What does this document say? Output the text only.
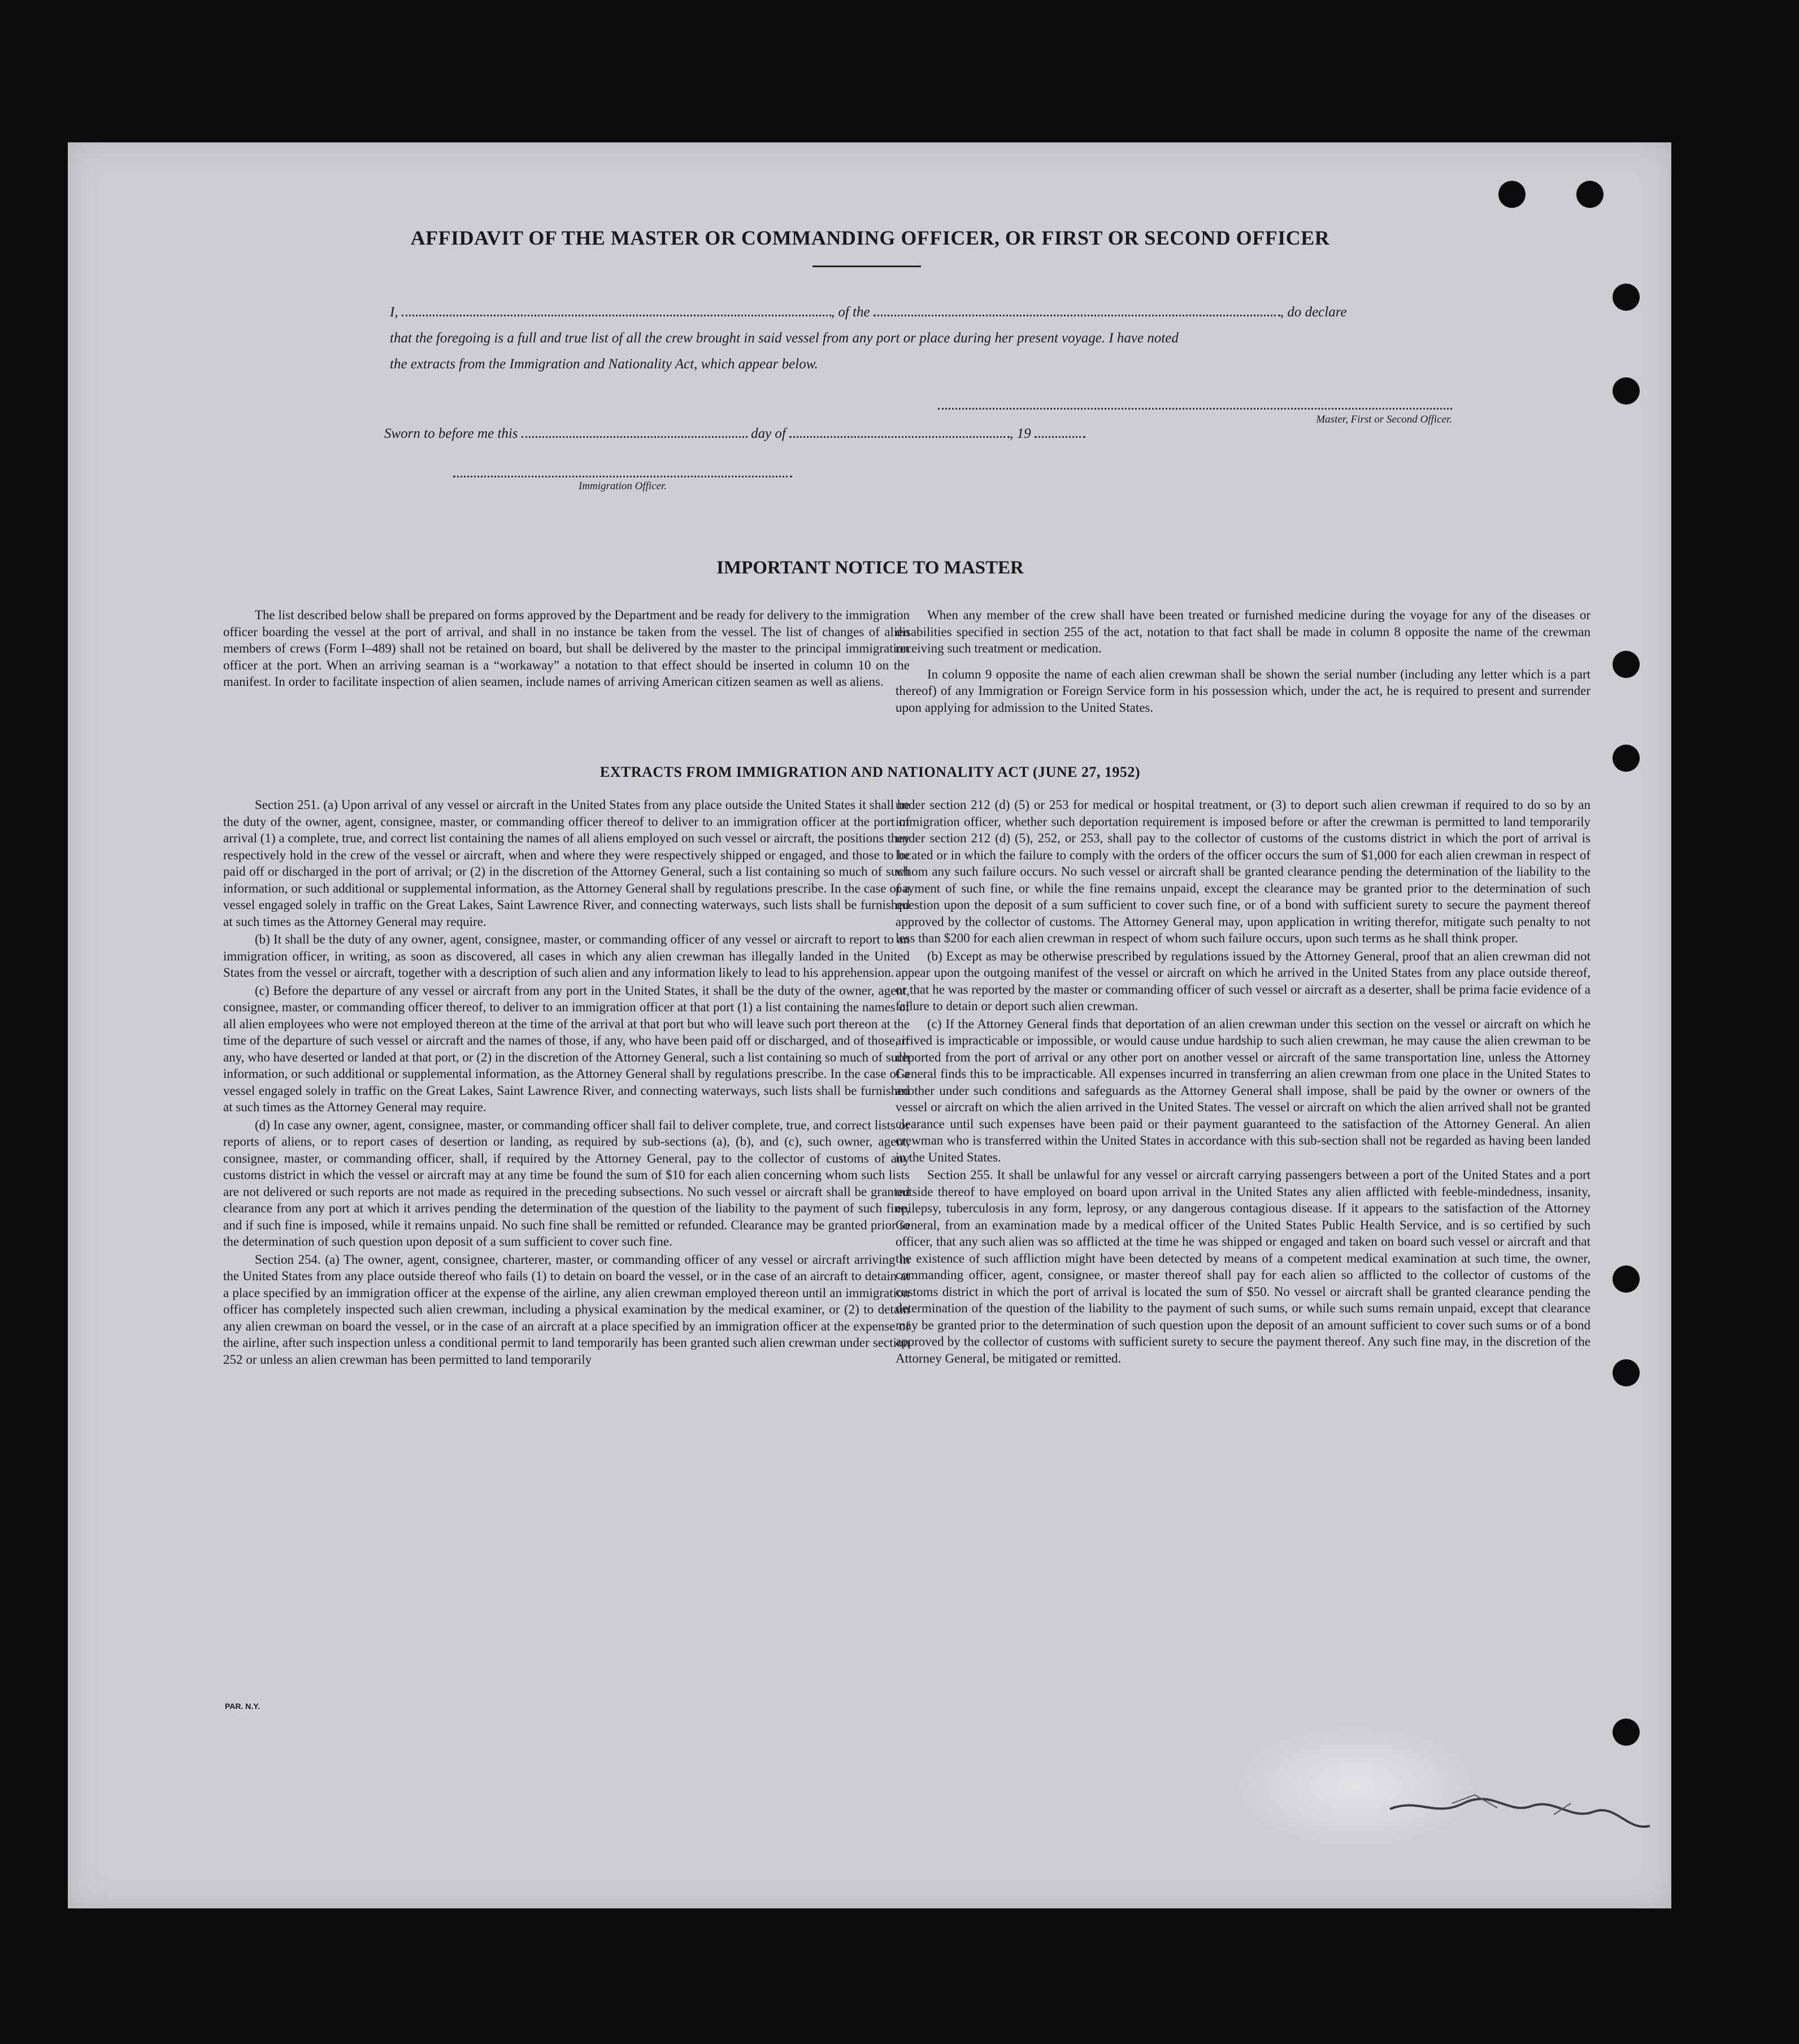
AFFIDAVIT OF THE MASTER OR COMMANDING OFFICER, OR FIRST OR SECOND OFFICER
I,	, of the	, do declare
that the foregoing is a full and true list of all the crew brought in said vessel from any port or place during her present voyage. I have noted
the extracts from the Immigration and Nationality Act, which appear below.
Master, First or Second Officer.
Sworn to before me this	day of	, 19
Immigration Officer.
IMPORTANT NOTICE TO MASTER

The list described below shall be prepared on forms approved by the Department and be ready for delivery to the immigration officer boarding the vessel at the port of arrival, and shall in no instance be taken from the vessel. The list of changes of alien members of crews (Form I–489) shall not be retained on board, but shall be delivered by the master to the principal immigration officer at the port. When an arriving seaman is a “workaway” a notation to that effect should be inserted in column 10 on the manifest. In order to facilitate inspection of alien seamen, include names of arriving American citizen seamen as well as aliens.

When any member of the crew shall have been treated or furnished medicine during the voyage for any of the diseases or disabilities specified in section 255 of the act, notation to that fact shall be made in column 8 opposite the name of the crewman receiving such treatment or medication.

In column 9 opposite the name of each alien crewman shall be shown the serial number (including any letter which is a part thereof) of any Immigration or Foreign Service form in his possession which, under the act, he is required to present and surrender upon applying for admission to the United States.

EXTRACTS FROM IMMIGRATION AND NATIONALITY ACT (JUNE 27, 1952)

Section 251. (a) Upon arrival of any vessel or aircraft in the United States from any place outside the United States it shall be the duty of the owner, agent, consignee, master, or commanding officer thereof to deliver to an immigration officer at the port of arrival (1) a complete, true, and correct list containing the names of all aliens employed on such vessel or aircraft, the positions they respectively hold in the crew of the vessel or aircraft, when and where they were respectively shipped or engaged, and those to be paid off or discharged in the port of arrival; or (2) in the discretion of the Attorney General, such a list containing so much of such information, or such additional or supplemental information, as the Attorney General shall by regulations prescribe. In the case of a vessel engaged solely in traffic on the Great Lakes, Saint Lawrence River, and connecting waterways, such lists shall be furnished at such times as the Attorney General may require.

(b) It shall be the duty of any owner, agent, consignee, master, or commanding officer of any vessel or aircraft to report to an immigration officer, in writing, as soon as discovered, all cases in which any alien crewman has illegally landed in the United States from the vessel or aircraft, together with a description of such alien and any information likely to lead to his apprehension.

(c) Before the departure of any vessel or aircraft from any port in the United States, it shall be the duty of the owner, agent, consignee, master, or commanding officer thereof, to deliver to an immigration officer at that port (1) a list containing the names of all alien employees who were not employed thereon at the time of the arrival at that port but who will leave such port thereon at the time of the departure of such vessel or aircraft and the names of those, if any, who have been paid off or discharged, and of those, if any, who have deserted or landed at that port, or (2) in the discretion of the Attorney General, such a list containing so much of such information, or such additional or supplemental information, as the Attorney General shall by regulations prescribe. In the case of a vessel engaged solely in traffic on the Great Lakes, Saint Lawrence River, and connecting waterways, such lists shall be furnished at such times as the Attorney General may require.

(d) In case any owner, agent, consignee, master, or commanding officer shall fail to deliver complete, true, and correct lists or reports of aliens, or to report cases of desertion or landing, as required by sub-sections (a), (b), and (c), such owner, agent, consignee, master, or commanding officer, shall, if required by the Attorney General, pay to the collector of customs of any customs district in which the vessel or aircraft may at any time be found the sum of $10 for each alien concerning whom such lists are not delivered or such reports are not made as required in the preceding subsections. No such vessel or aircraft shall be granted clearance from any port at which it arrives pending the determination of the question of the liability to the payment of such fine, and if such fine is imposed, while it remains unpaid. No such fine shall be remitted or refunded. Clearance may be granted prior to the determination of such question upon deposit of a sum sufficient to cover such fine.

Section 254. (a) The owner, agent, consignee, charterer, master, or commanding officer of any vessel or aircraft arriving in the United States from any place outside thereof who fails (1) to detain on board the vessel, or in the case of an aircraft to detain at a place specified by an immigration officer at the expense of the airline, any alien crewman employed thereon until an immigration officer has completely inspected such alien crewman, including a physical examination by the medical examiner, or (2) to detain any alien crewman on board the vessel, or in the case of an aircraft at a place specified by an immigration officer at the expense of the airline, after such inspection unless a conditional permit to land temporarily has been granted such alien crewman under section 252 or unless an alien crewman has been permitted to land temporarily

under section 212 (d) (5) or 253 for medical or hospital treatment, or (3) to deport such alien crewman if required to do so by an immigration officer, whether such deportation requirement is imposed before or after the crewman is permitted to land temporarily under section 212 (d) (5), 252, or 253, shall pay to the collector of customs of the customs district in which the port of arrival is located or in which the failure to comply with the orders of the officer occurs the sum of $1,000 for each alien crewman in respect of whom any such failure occurs. No such vessel or aircraft shall be granted clearance pending the determination of the liability to the payment of such fine, or while the fine remains unpaid, except the clearance may be granted prior to the determination of such question upon the deposit of a sum sufficient to cover such fine, or of a bond with sufficient surety to secure the payment thereof approved by the collector of customs. The Attorney General may, upon application in writing therefor, mitigate such penalty to not less than $200 for each alien crewman in respect of whom such failure occurs, upon such terms as he shall think proper.

(b) Except as may be otherwise prescribed by regulations issued by the Attorney General, proof that an alien crewman did not appear upon the outgoing manifest of the vessel or aircraft on which he arrived in the United States from any place outside thereof, or that he was reported by the master or commanding officer of such vessel or aircraft as a deserter, shall be prima facie evidence of a failure to detain or deport such alien crewman.

(c) If the Attorney General finds that deportation of an alien crewman under this section on the vessel or aircraft on which he arrived is impracticable or impossible, or would cause undue hardship to such alien crewman, he may cause the alien crewman to be deported from the port of arrival or any other port on another vessel or aircraft of the same transportation line, unless the Attorney General finds this to be impracticable. All expenses incurred in transferring an alien crewman from one place in the United States to another under such conditions and safeguards as the Attorney General shall impose, shall be paid by the owner or owners of the vessel or aircraft on which the alien arrived in the United States. The vessel or aircraft on which the alien arrived shall not be granted clearance until such expenses have been paid or their payment guaranteed to the satisfaction of the Attorney General. An alien crewman who is transferred within the United States in accordance with this sub-section shall not be regarded as having been landed in the United States.

Section 255. It shall be unlawful for any vessel or aircraft carrying passengers between a port of the United States and a port outside thereof to have employed on board upon arrival in the United States any alien afflicted with feeble-mindedness, insanity, epilepsy, tuberculosis in any form, leprosy, or any dangerous contagious disease. If it appears to the satisfaction of the Attorney General, from an examination made by a medical officer of the United States Public Health Service, and is so certified by such officer, that any such alien was so afflicted at the time he was shipped or engaged and taken on board such vessel or aircraft and that the existence of such affliction might have been detected by means of a competent medical examination at such time, the owner, commanding officer, agent, consignee, or master thereof shall pay for each alien so afflicted to the collector of customs of the customs district in which the port of arrival is located the sum of $50. No vessel or aircraft shall be granted clearance pending the determination of the question of the liability to the payment of such sums, or while such sums remain unpaid, except that clearance may be granted prior to the determination of such question upon the deposit of an amount sufficient to cover such sums or of a bond approved by the collector of customs with sufficient surety to secure the payment thereof. Any such fine may, in the discretion of the Attorney General, be mitigated or remitted.

PAR. N.Y.
